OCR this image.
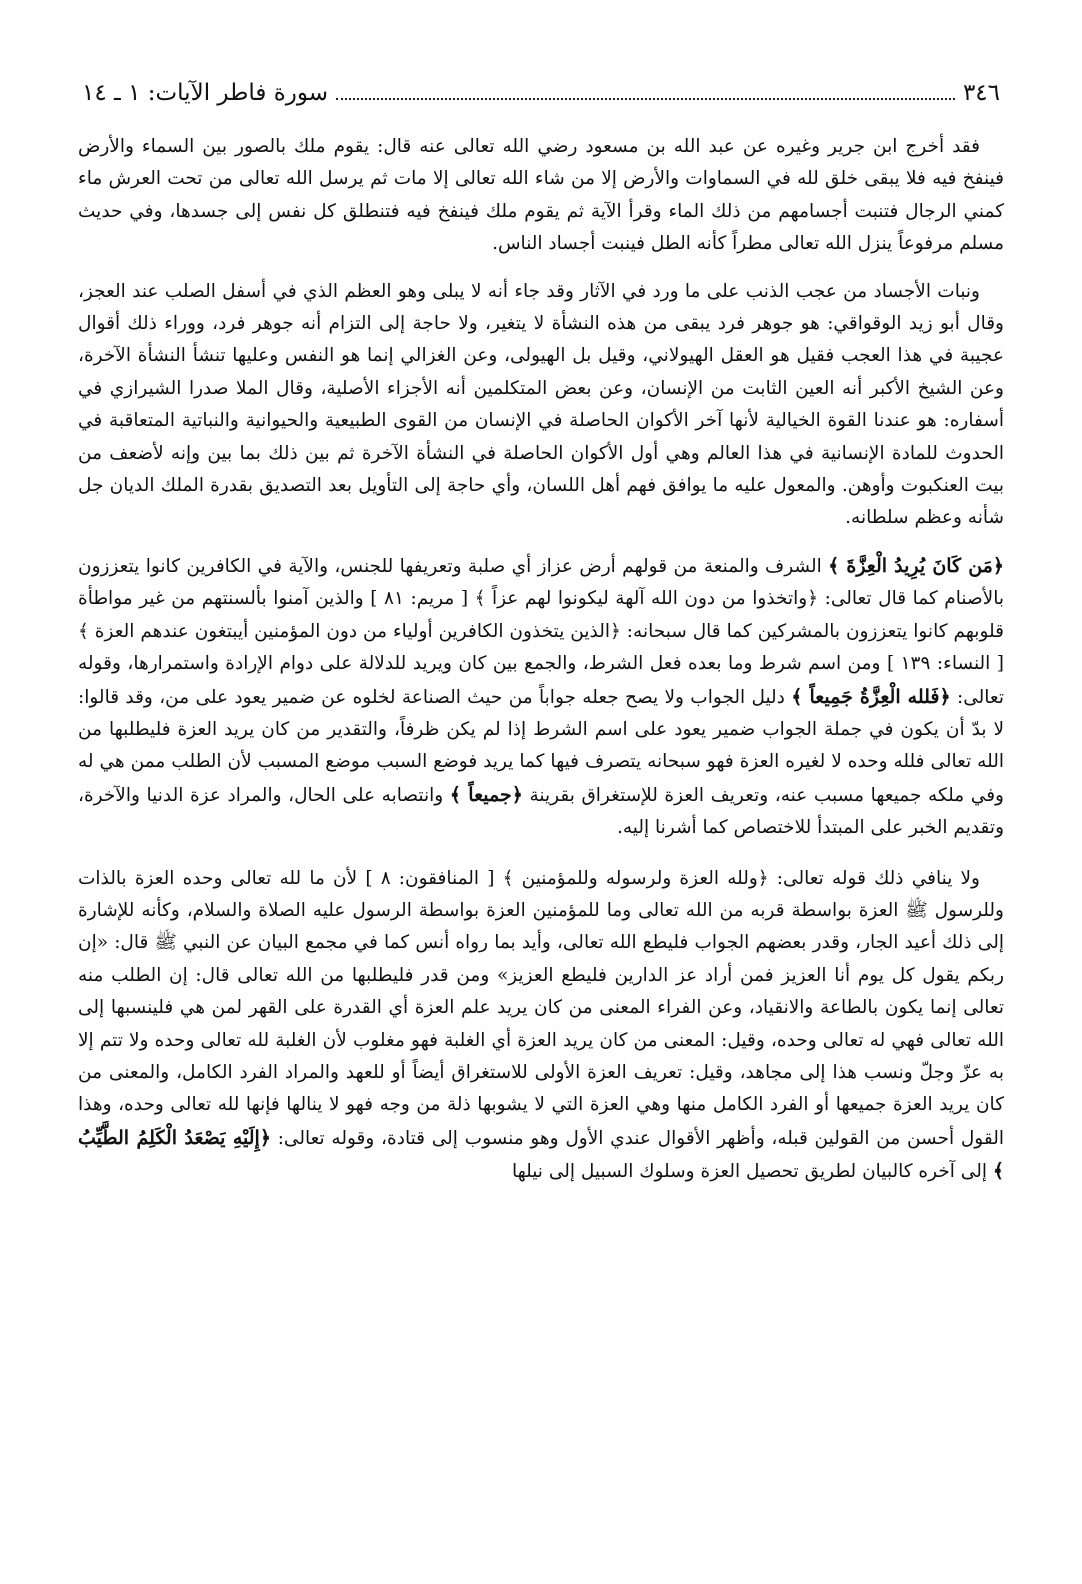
٣٤٦
سورة فاطر الآيات: ١ ـ ١٤

فقد أخرج ابن جرير وغيره عن عبد الله بن مسعود رضي الله تعالى عنه قال: يقوم ملك بالصور بين السماء والأرض فينفخ فيه فلا يبقى خلق لله في السماوات والأرض إلا من شاء الله تعالى إلا مات ثم يرسل الله تعالى من تحت العرش ماء كمني الرجال فتنبت أجسامهم من ذلك الماء وقرأ الآية ثم يقوم ملك فينفخ فيه فتنطلق كل نفس إلى جسدها، وفي حديث مسلم مرفوعاً ينزل الله تعالى مطراً كأنه الطل فينبت أجساد الناس.

ونبات الأجساد من عجب الذنب على ما ورد في الآثار وقد جاء أنه لا يبلى وهو العظم الذي في أسفل الصلب عند العجز، وقال أبو زيد الوقواقي: هو جوهر فرد يبقى من هذه النشأة لا يتغير، ولا حاجة إلى التزام أنه جوهر فرد، ووراء ذلك أقوال عجيبة في هذا العجب فقيل هو العقل الهيولاني، وقيل بل الهيولى، وعن الغزالي إنما هو النفس وعليها تنشأ النشأة الآخرة، وعن الشيخ الأكبر أنه العين الثابت من الإنسان، وعن بعض المتكلمين أنه الأجزاء الأصلية، وقال الملا صدرا الشيرازي في أسفاره: هو عندنا القوة الخيالية لأنها آخر الأكوان الحاصلة في الإنسان من القوى الطبيعية والحيوانية والنباتية المتعاقبة في الحدوث للمادة الإنسانية في هذا العالم وهي أول الأكوان الحاصلة في النشأة الآخرة ثم بين ذلك بما بين وإنه لأضعف من بيت العنكبوت وأوهن. والمعول عليه ما يوافق فهم أهل اللسان، وأي حاجة إلى التأويل بعد التصديق بقدرة الملك الديان جل شأنه وعظم سلطانه.

﴿مَن كَانَ يُرِيدُ الْعِزَّةَ ﴾ الشرف والمنعة من قولهم أرض عزاز أي صلبة وتعريفها للجنس، والآية في الكافرين كانوا يتعززون بالأصنام كما قال تعالى: ﴿واتخذوا من دون الله آلهة ليكونوا لهم عزاً ﴾ [ مريم: ٨١ ] والذين آمنوا بألسنتهم من غير مواطأة قلوبهم كانوا يتعززون بالمشركين كما قال سبحانه: ﴿الذين يتخذون الكافرين أولياء من دون المؤمنين أيبتغون عندهم العزة ﴾ [ النساء: ١٣٩ ] ومن اسم شرط وما بعده فعل الشرط، والجمع بين كان ويريد للدلالة على دوام الإرادة واستمرارها، وقوله تعالى: ﴿فَلله الْعِزَّةُ جَمِيعاً ﴾ دليل الجواب ولا يصح جعله جواباً من حيث الصناعة لخلوه عن ضمير يعود على من، وقد قالوا: لا بدّ أن يكون في جملة الجواب ضمير يعود على اسم الشرط إذا لم يكن ظرفاً، والتقدير من كان يريد العزة فليطلبها من الله تعالى فلله وحده لا لغيره العزة فهو سبحانه يتصرف فيها كما يريد فوضع السبب موضع المسبب لأن الطلب ممن هي له وفي ملكه جميعها مسبب عنه، وتعريف العزة للإستغراق بقرينة ﴿جميعاً ﴾ وانتصابه على الحال، والمراد عزة الدنيا والآخرة، وتقديم الخبر على المبتدأ للاختصاص كما أشرنا إليه.

ولا ينافي ذلك قوله تعالى: ﴿ولله العزة ولرسوله وللمؤمنين ﴾ [ المنافقون: ٨ ] لأن ما لله تعالى وحده العزة بالذات وللرسول ﷺ العزة بواسطة قربه من الله تعالى وما للمؤمنين العزة بواسطة الرسول عليه الصلاة والسلام، وكأنه للإشارة إلى ذلك أعيد الجار، وقدر بعضهم الجواب فليطع الله تعالى، وأيد بما رواه أنس كما في مجمع البيان عن النبي ﷺ قال: «إن ربكم يقول كل يوم أنا العزيز فمن أراد عز الدارين فليطع العزيز» ومن قدر فليطلبها من الله تعالى قال: إن الطلب منه تعالى إنما يكون بالطاعة والانقياد، وعن الفراء المعنى من كان يريد علم العزة أي القدرة على القهر لمن هي فلينسبها إلى الله تعالى فهي له تعالى وحده، وقيل: المعنى من كان يريد العزة أي الغلبة فهو مغلوب لأن الغلبة لله تعالى وحده ولا تتم إلا به عزّ وجلّ ونسب هذا إلى مجاهد، وقيل: تعريف العزة الأولى للاستغراق أيضاً أو للعهد والمراد الفرد الكامل، والمعنى من كان يريد العزة جميعها أو الفرد الكامل منها وهي العزة التي لا يشوبها ذلة من وجه فهو لا ينالها فإنها لله تعالى وحده، وهذا القول أحسن من القولين قبله، وأظهر الأقوال عندي الأول وهو منسوب إلى قتادة، وقوله تعالى: ﴿إِلَيْهِ يَصْعَدُ الْكَلِمُ الطَّيِّبُ ﴾ إلى آخره كالبيان لطريق تحصيل العزة وسلوك السبيل إلى نيلها
